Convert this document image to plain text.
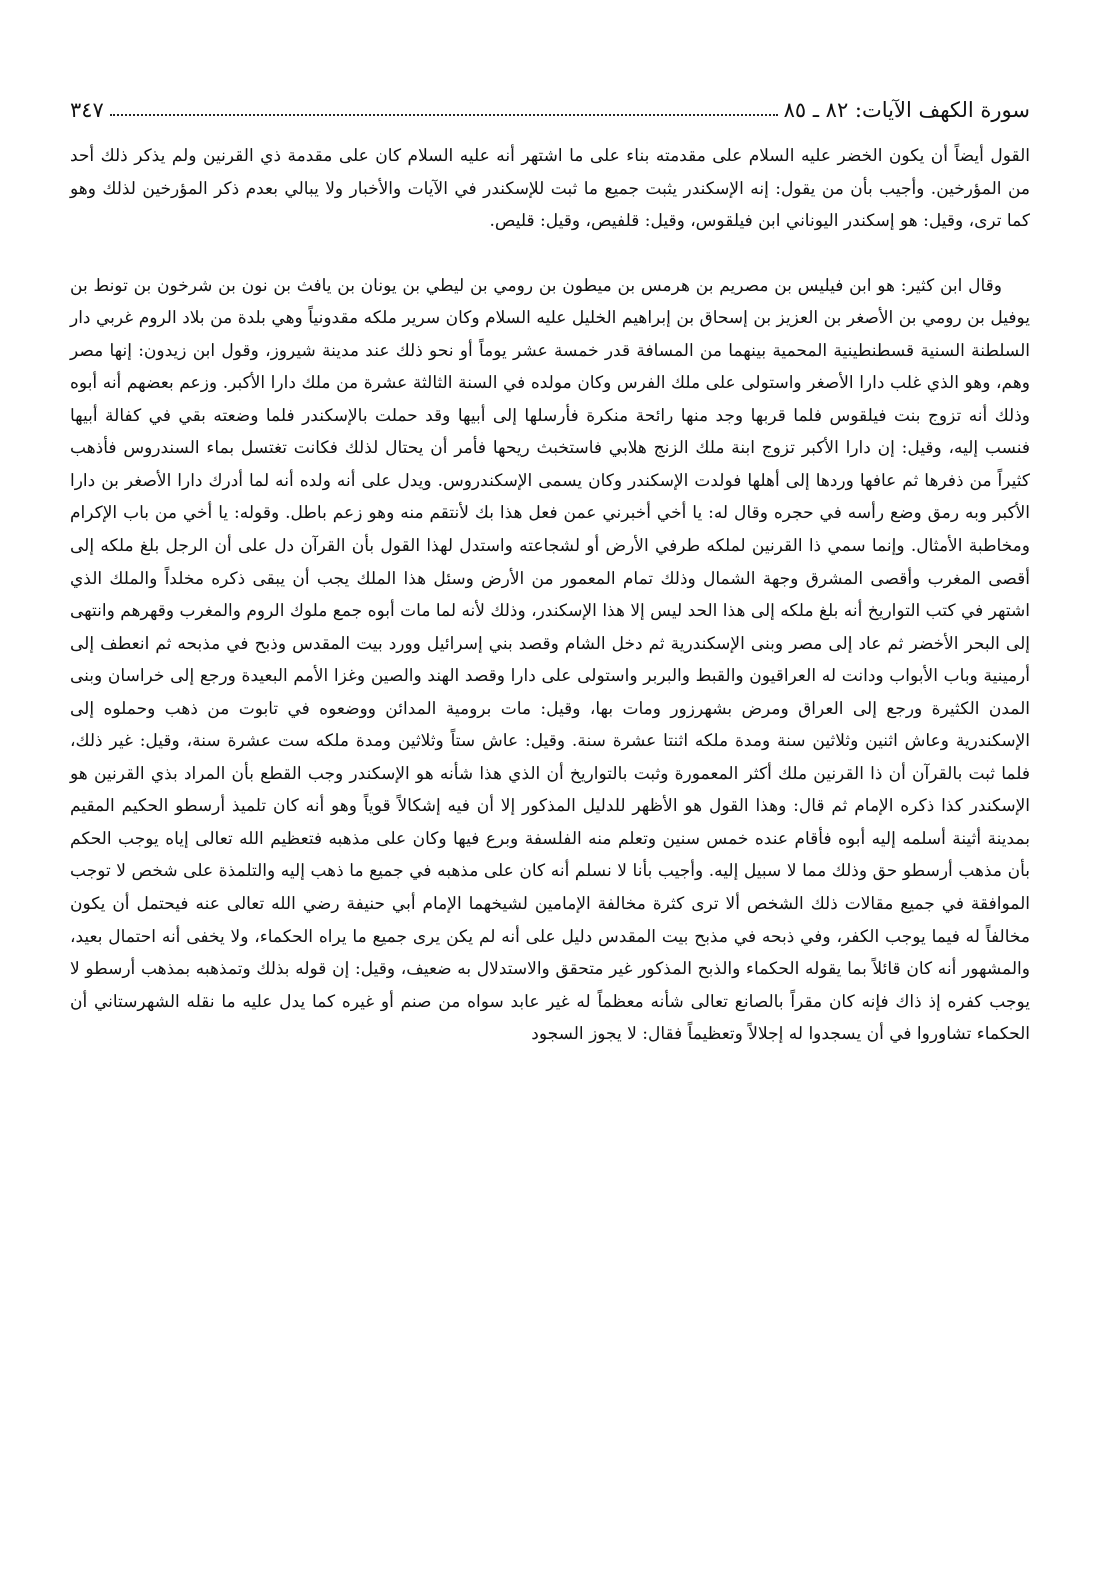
سورة الكهف الآيات: ٨٢ ـ ٨٥
٣٤٧

القول أيضاً أن يكون الخضر عليه السلام على مقدمته بناء على ما اشتهر أنه عليه السلام كان على مقدمة ذي القرنين ولم يذكر ذلك أحد من المؤرخين. وأجيب بأن من يقول: إنه الإسكندر يثبت جميع ما ثبت للإسكندر في الآيات والأخبار ولا يبالي بعدم ذكر المؤرخين لذلك وهو كما ترى، وقيل: هو إسكندر اليوناني ابن فيلقوس، وقيل: قلفيص، وقيل: قليص.

وقال ابن كثير: هو ابن فيليس بن مصريم بن هرمس بن ميطون بن رومي بن ليطي بن يونان بن يافث بن نون بن شرخون بن تونط بن يوفيل بن رومي بن الأصغر بن العزيز بن إسحاق بن إبراهيم الخليل عليه السلام وكان سرير ملكه مقدونياً وهي بلدة من بلاد الروم غربي دار السلطنة السنية قسطنطينية المحمية بينهما من المسافة قدر خمسة عشر يوماً أو نحو ذلك عند مدينة شيروز، وقول ابن زيدون: إنها مصر وهم، وهو الذي غلب دارا الأصغر واستولى على ملك الفرس وكان مولده في السنة الثالثة عشرة من ملك دارا الأكبر. وزعم بعضهم أنه أبوه وذلك أنه تزوج بنت فيلقوس فلما قربها وجد منها رائحة منكرة فأرسلها إلى أبيها وقد حملت بالإسكندر فلما وضعته بقي في كفالة أبيها فنسب إليه، وقيل: إن دارا الأكبر تزوج ابنة ملك الزنج هلابي فاستخبث ريحها فأمر أن يحتال لذلك فكانت تغتسل بماء السندروس فأذهب كثيراً من ذفرها ثم عافها وردها إلى أهلها فولدت الإسكندر وكان يسمى الإسكندروس. ويدل على أنه ولده أنه لما أدرك دارا الأصغر بن دارا الأكبر وبه رمق وضع رأسه في حجره وقال له: يا أخي أخبرني عمن فعل هذا بك لأنتقم منه وهو زعم باطل. وقوله: يا أخي من باب الإكرام ومخاطبة الأمثال. وإنما سمي ذا القرنين لملكه طرفي الأرض أو لشجاعته واستدل لهذا القول بأن القرآن دل على أن الرجل بلغ ملكه إلى أقصى المغرب وأقصى المشرق وجهة الشمال وذلك تمام المعمور من الأرض وسئل هذا الملك يجب أن يبقى ذكره مخلداً والملك الذي اشتهر في كتب التواريخ أنه بلغ ملكه إلى هذا الحد ليس إلا هذا الإسكندر، وذلك لأنه لما مات أبوه جمع ملوك الروم والمغرب وقهرهم وانتهى إلى البحر الأخضر ثم عاد إلى مصر وبنى الإسكندرية ثم دخل الشام وقصد بني إسرائيل وورد بيت المقدس وذبح في مذبحه ثم انعطف إلى أرمينية وباب الأبواب ودانت له العراقيون والقبط والبربر واستولى على دارا وقصد الهند والصين وغزا الأمم البعيدة ورجع إلى خراسان وبنى المدن الكثيرة ورجع إلى العراق ومرض بشهرزور ومات بها، وقيل: مات برومية المدائن ووضعوه في تابوت من ذهب وحملوه إلى الإسكندرية وعاش اثنين وثلاثين سنة ومدة ملكه اثنتا عشرة سنة. وقيل: عاش ستاً وثلاثين ومدة ملكه ست عشرة سنة، وقيل: غير ذلك، فلما ثبت بالقرآن أن ذا القرنين ملك أكثر المعمورة وثبت بالتواريخ أن الذي هذا شأنه هو الإسكندر وجب القطع بأن المراد بذي القرنين هو الإسكندر كذا ذكره الإمام ثم قال: وهذا القول هو الأظهر للدليل المذكور إلا أن فيه إشكالاً قوياً وهو أنه كان تلميذ أرسطو الحكيم المقيم بمدينة أثينة أسلمه إليه أبوه فأقام عنده خمس سنين وتعلم منه الفلسفة وبرع فيها وكان على مذهبه فتعظيم الله تعالى إياه يوجب الحكم بأن مذهب أرسطو حق وذلك مما لا سبيل إليه. وأجيب بأنا لا نسلم أنه كان على مذهبه في جميع ما ذهب إليه والتلمذة على شخص لا توجب الموافقة في جميع مقالات ذلك الشخص ألا ترى كثرة مخالفة الإمامين لشيخهما الإمام أبي حنيفة رضي الله تعالى عنه فيحتمل أن يكون مخالفاً له فيما يوجب الكفر، وفي ذبحه في مذبح بيت المقدس دليل على أنه لم يكن يرى جميع ما يراه الحكماء، ولا يخفى أنه احتمال بعيد، والمشهور أنه كان قائلاً بما يقوله الحكماء والذبح المذكور غير متحقق والاستدلال به ضعيف، وقيل: إن قوله بذلك وتمذهبه بمذهب أرسطو لا يوجب كفره إذ ذاك فإنه كان مقراً بالصانع تعالى شأنه معظماً له غير عابد سواه من صنم أو غيره كما يدل عليه ما نقله الشهرستاني أن الحكماء تشاوروا في أن يسجدوا له إجلالاً وتعظيماً فقال: لا يجوز السجود
